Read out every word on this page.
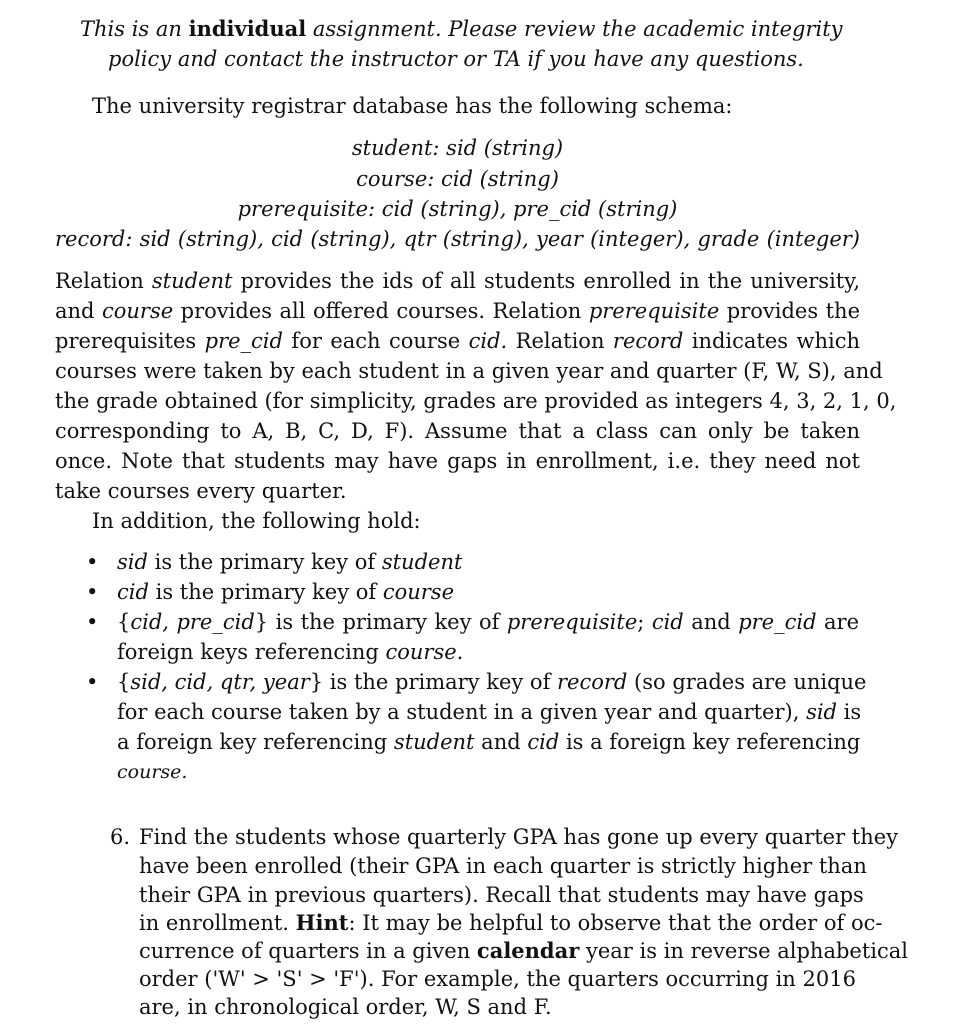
This is an individual assignment. Please review the academic integrity
policy and contact the instructor or TA if you have any questions.
The university registrar database has the following schema:
student: sid (string)
course: cid (string)
prerequisite: cid (string), pre_cid (string)
record: sid (string), cid (string), qtr (string), year (integer), grade (integer)
Relation student provides the ids of all students enrolled in the university,
and course provides all offered courses. Relation prerequisite provides the
prerequisites pre_cid for each course cid. Relation record indicates which
courses were taken by each student in a given year and quarter (F, W, S), and
the grade obtained (for simplicity, grades are provided as integers 4, 3, 2, 1, 0,
corresponding to A, B, C, D, F). Assume that a class can only be taken
once. Note that students may have gaps in enrollment, i.e. they need not
take courses every quarter.
In addition, the following hold:
• sid is the primary key of student
• cid is the primary key of course
• {cid, pre_cid} is the primary key of prerequisite; cid and pre_cid are
foreign keys referencing course.
• {sid, cid, qtr, year} is the primary key of record (so grades are unique
for each course taken by a student in a given year and quarter), sid is
a foreign key referencing student and cid is a foreign key referencing
course.
6. Find the students whose quarterly GPA has gone up every quarter they
have been enrolled (their GPA in each quarter is strictly higher than
their GPA in previous quarters). Recall that students may have gaps
in enrollment. Hint: It may be helpful to observe that the order of oc-
currence of quarters in a given calendar year is in reverse alphabetical
order ('W' > 'S' > 'F'). For example, the quarters occurring in 2016
are, in chronological order, W, S and F.
